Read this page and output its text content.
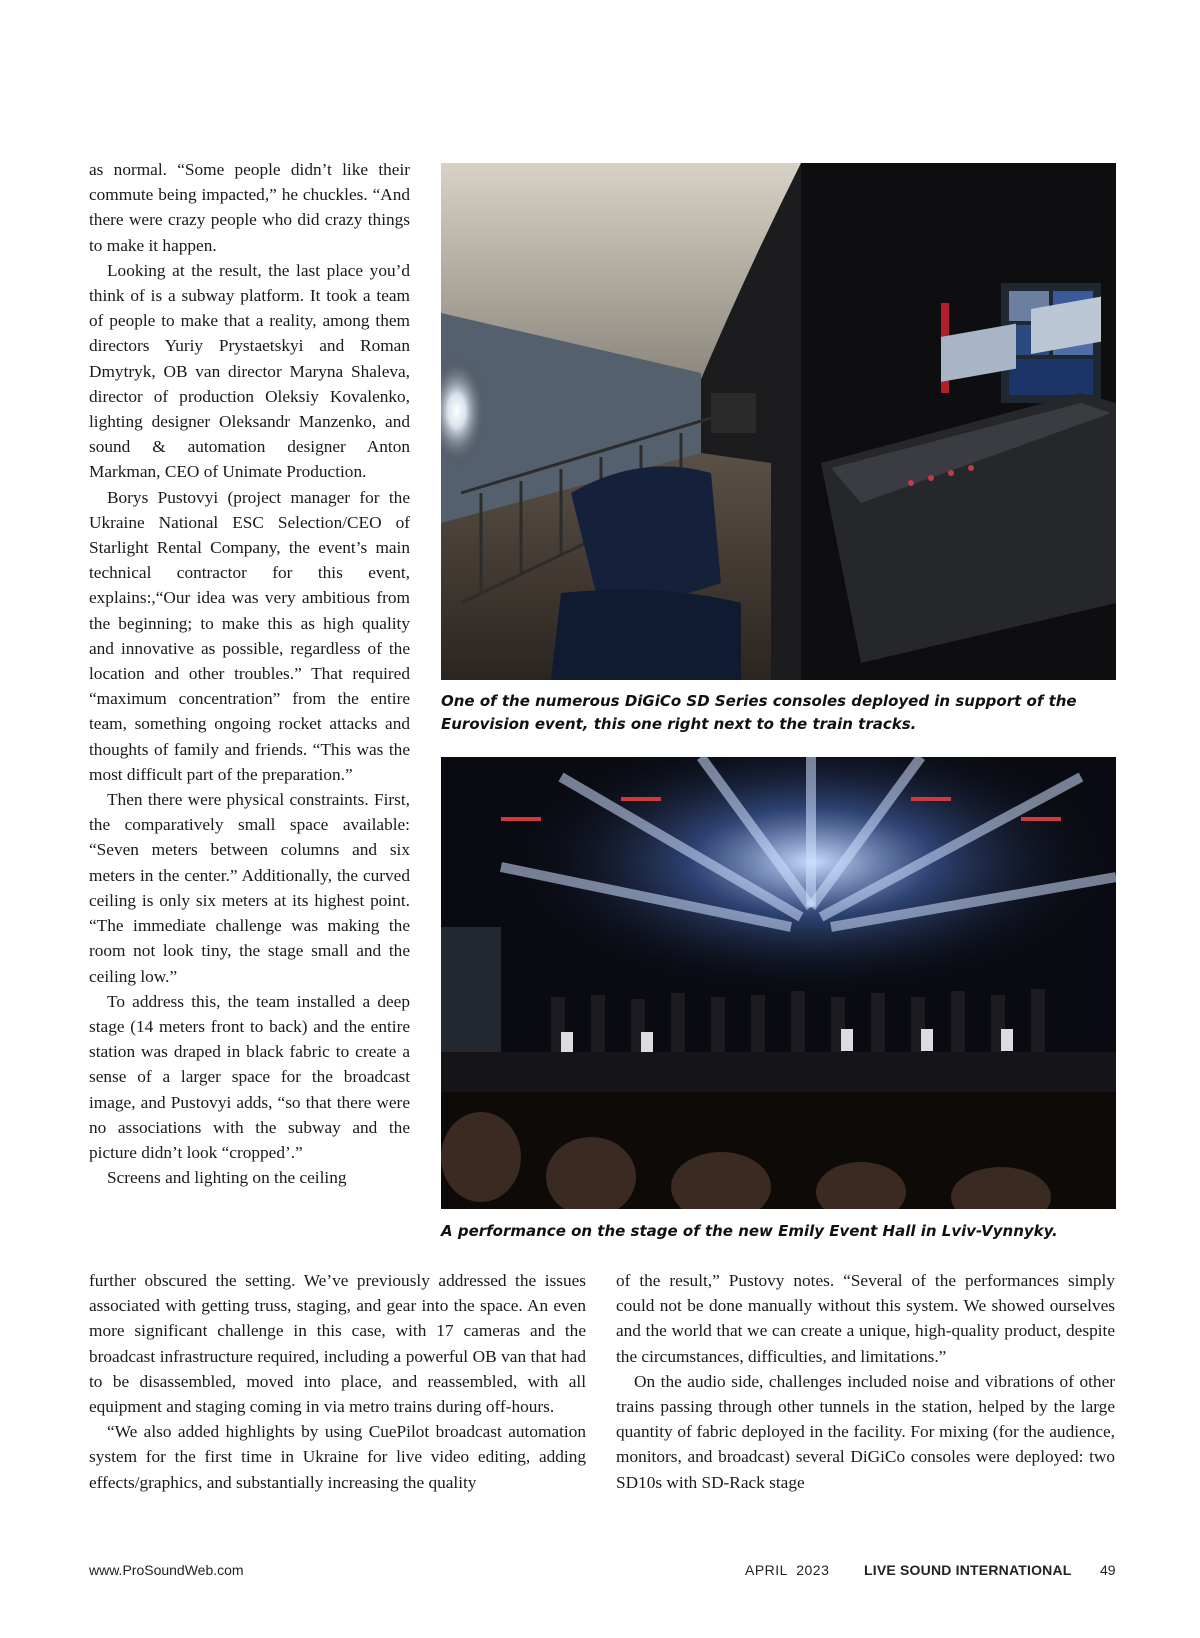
as normal. “Some people didn’t like their commute being impacted,” he chuckles. “And there were crazy people who did crazy things to make it happen.

Looking at the result, the last place you’d think of is a subway platform. It took a team of people to make that a reality, among them directors Yuriy Prystaetskyi and Roman Dmytryk, OB van director Maryna Shaleva, director of production Oleksiy Kovalenko, lighting designer Oleksandr Manzenko, and sound & automation designer Anton Markman, CEO of Unimate Production.

Borys Pustovyi (project manager for the Ukraine National ESC Selection/CEO of Starlight Rental Company, the event’s main technical contractor for this event, explains:,“Our idea was very ambitious from the beginning; to make this as high quality and innovative as possible, regardless of the location and other troubles.” That required “maximum concentration” from the entire team, something ongoing rocket attacks and thoughts of family and friends. “This was the most difficult part of the preparation.”

Then there were physical constraints. First, the comparatively small space available: “Seven meters between columns and six meters in the center.” Additionally, the curved ceiling is only six meters at its highest point. “The immediate challenge was making the room not look tiny, the stage small and the ceiling low.”

To address this, the team installed a deep stage (14 meters front to back) and the entire station was draped in black fabric to create a sense of a larger space for the broadcast image, and Pustovyi adds, “so that there were no associations with the subway and the picture didn’t look “cropped’.”

Screens and lighting on the ceiling

One of the numerous DiGiCo SD Series consoles deployed in support of the Eurovision event, this one right next to the train tracks.

A performance on the stage of the new Emily Event Hall in Lviv-Vynnyky.

further obscured the setting. We’ve previously addressed the issues associated with getting truss, staging, and gear into the space. An even more significant challenge in this case, with 17 cameras and the broadcast infrastructure required, including a powerful OB van that had to be disassembled, moved into place, and reassembled, with all equipment and staging coming in via metro trains during off-hours.

“We also added highlights by using CuePilot broadcast automation system for the first time in Ukraine for live video editing, adding effects/graphics, and substantially increasing the quality

of the result,” Pustovy notes. “Several of the performances simply could not be done manually without this system. We showed ourselves and the world that we can create a unique, high-quality product, despite the circumstances, difficulties, and limitations.”

On the audio side, challenges included noise and vibrations of other trains passing through other tunnels in the station, helped by the large quantity of fabric deployed in the facility. For mixing (for the audience, monitors, and broadcast) several DiGiCo consoles were deployed: two SD10s with SD-Rack stage

www.ProSoundWeb.com	APRIL  2023 LIVE SOUND INTERNATIONAL 49
